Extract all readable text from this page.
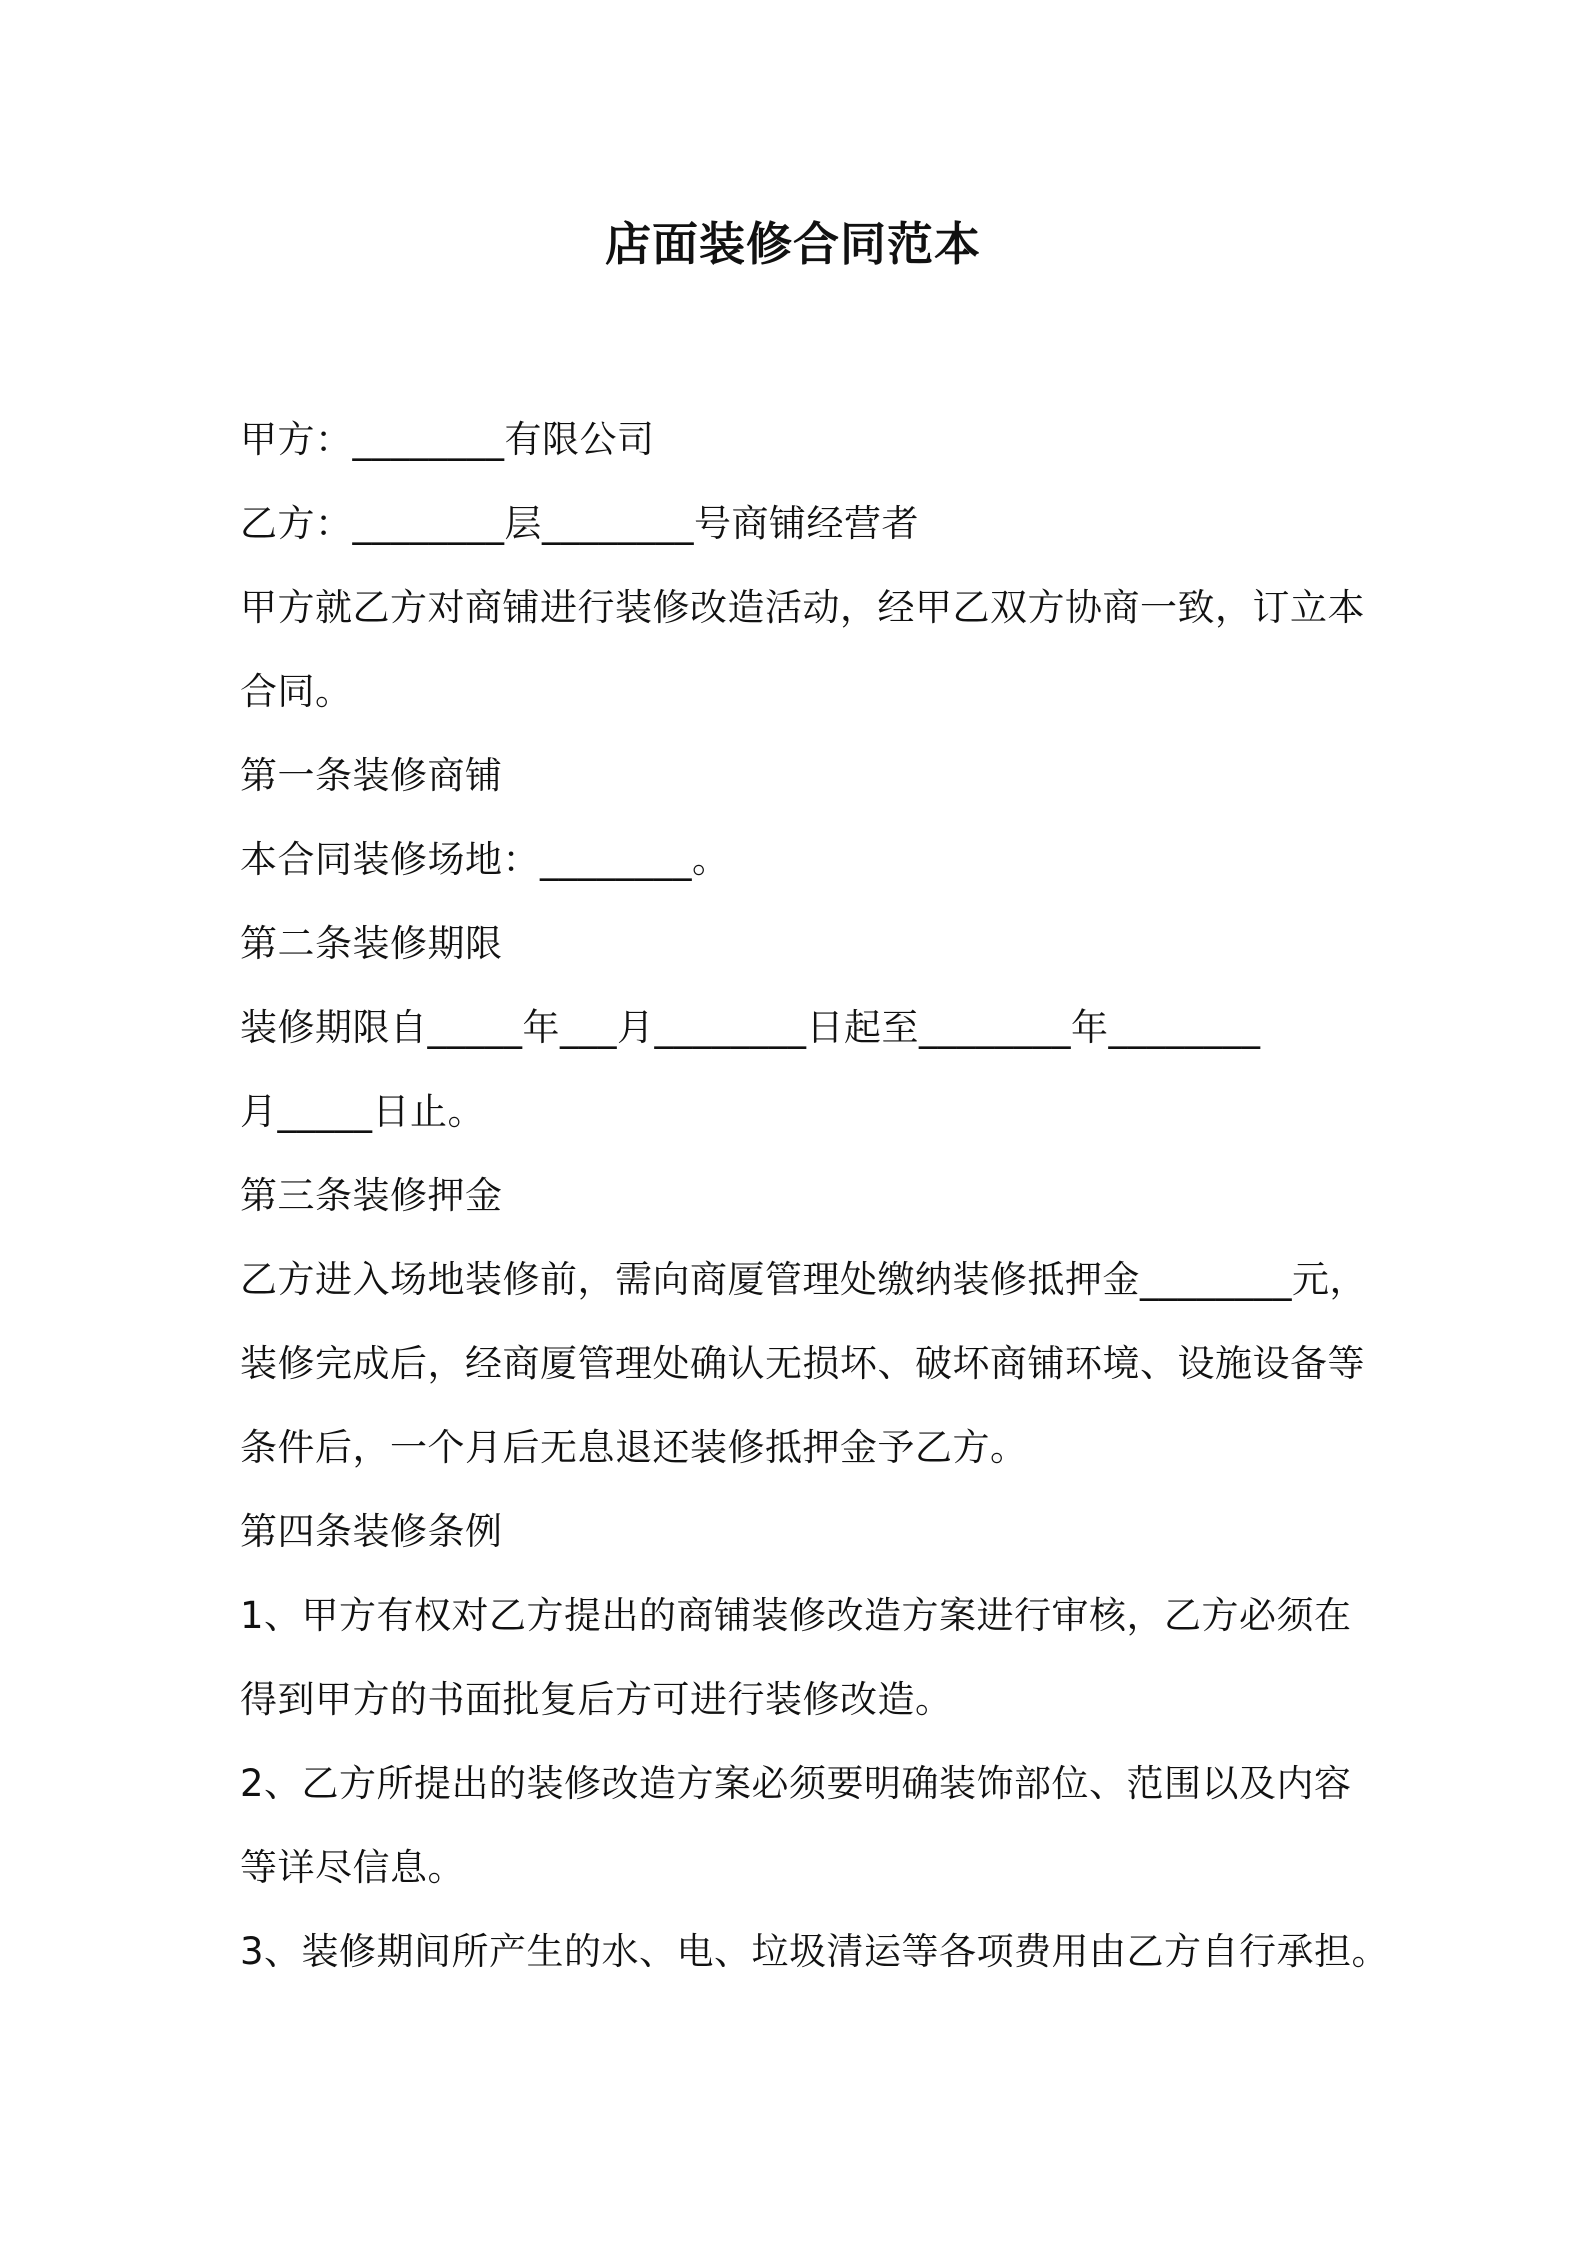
店面装修合同范本
甲方：________有限公司
乙方：________层________号商铺经营者
甲方就乙方对商铺进行装修改造活动，经甲乙双方协商一致，订立本
合同。
第一条装修商铺
本合同装修场地：________。
第二条装修期限
装修期限自_____年___月________日起至________年________
月_____日止。
第三条装修押金
乙方进入场地装修前，需向商厦管理处缴纳装修抵押金________元，
装修完成后，经商厦管理处确认无损坏、破坏商铺环境、设施设备等
条件后，一个月后无息退还装修抵押金予乙方。
第四条装修条例
1、甲方有权对乙方提出的商铺装修改造方案进行审核，乙方必须在
得到甲方的书面批复后方可进行装修改造。
2、乙方所提出的装修改造方案必须要明确装饰部位、范围以及内容
等详尽信息。
3、装修期间所产生的水、电、垃圾清运等各项费用由乙方自行承担。
